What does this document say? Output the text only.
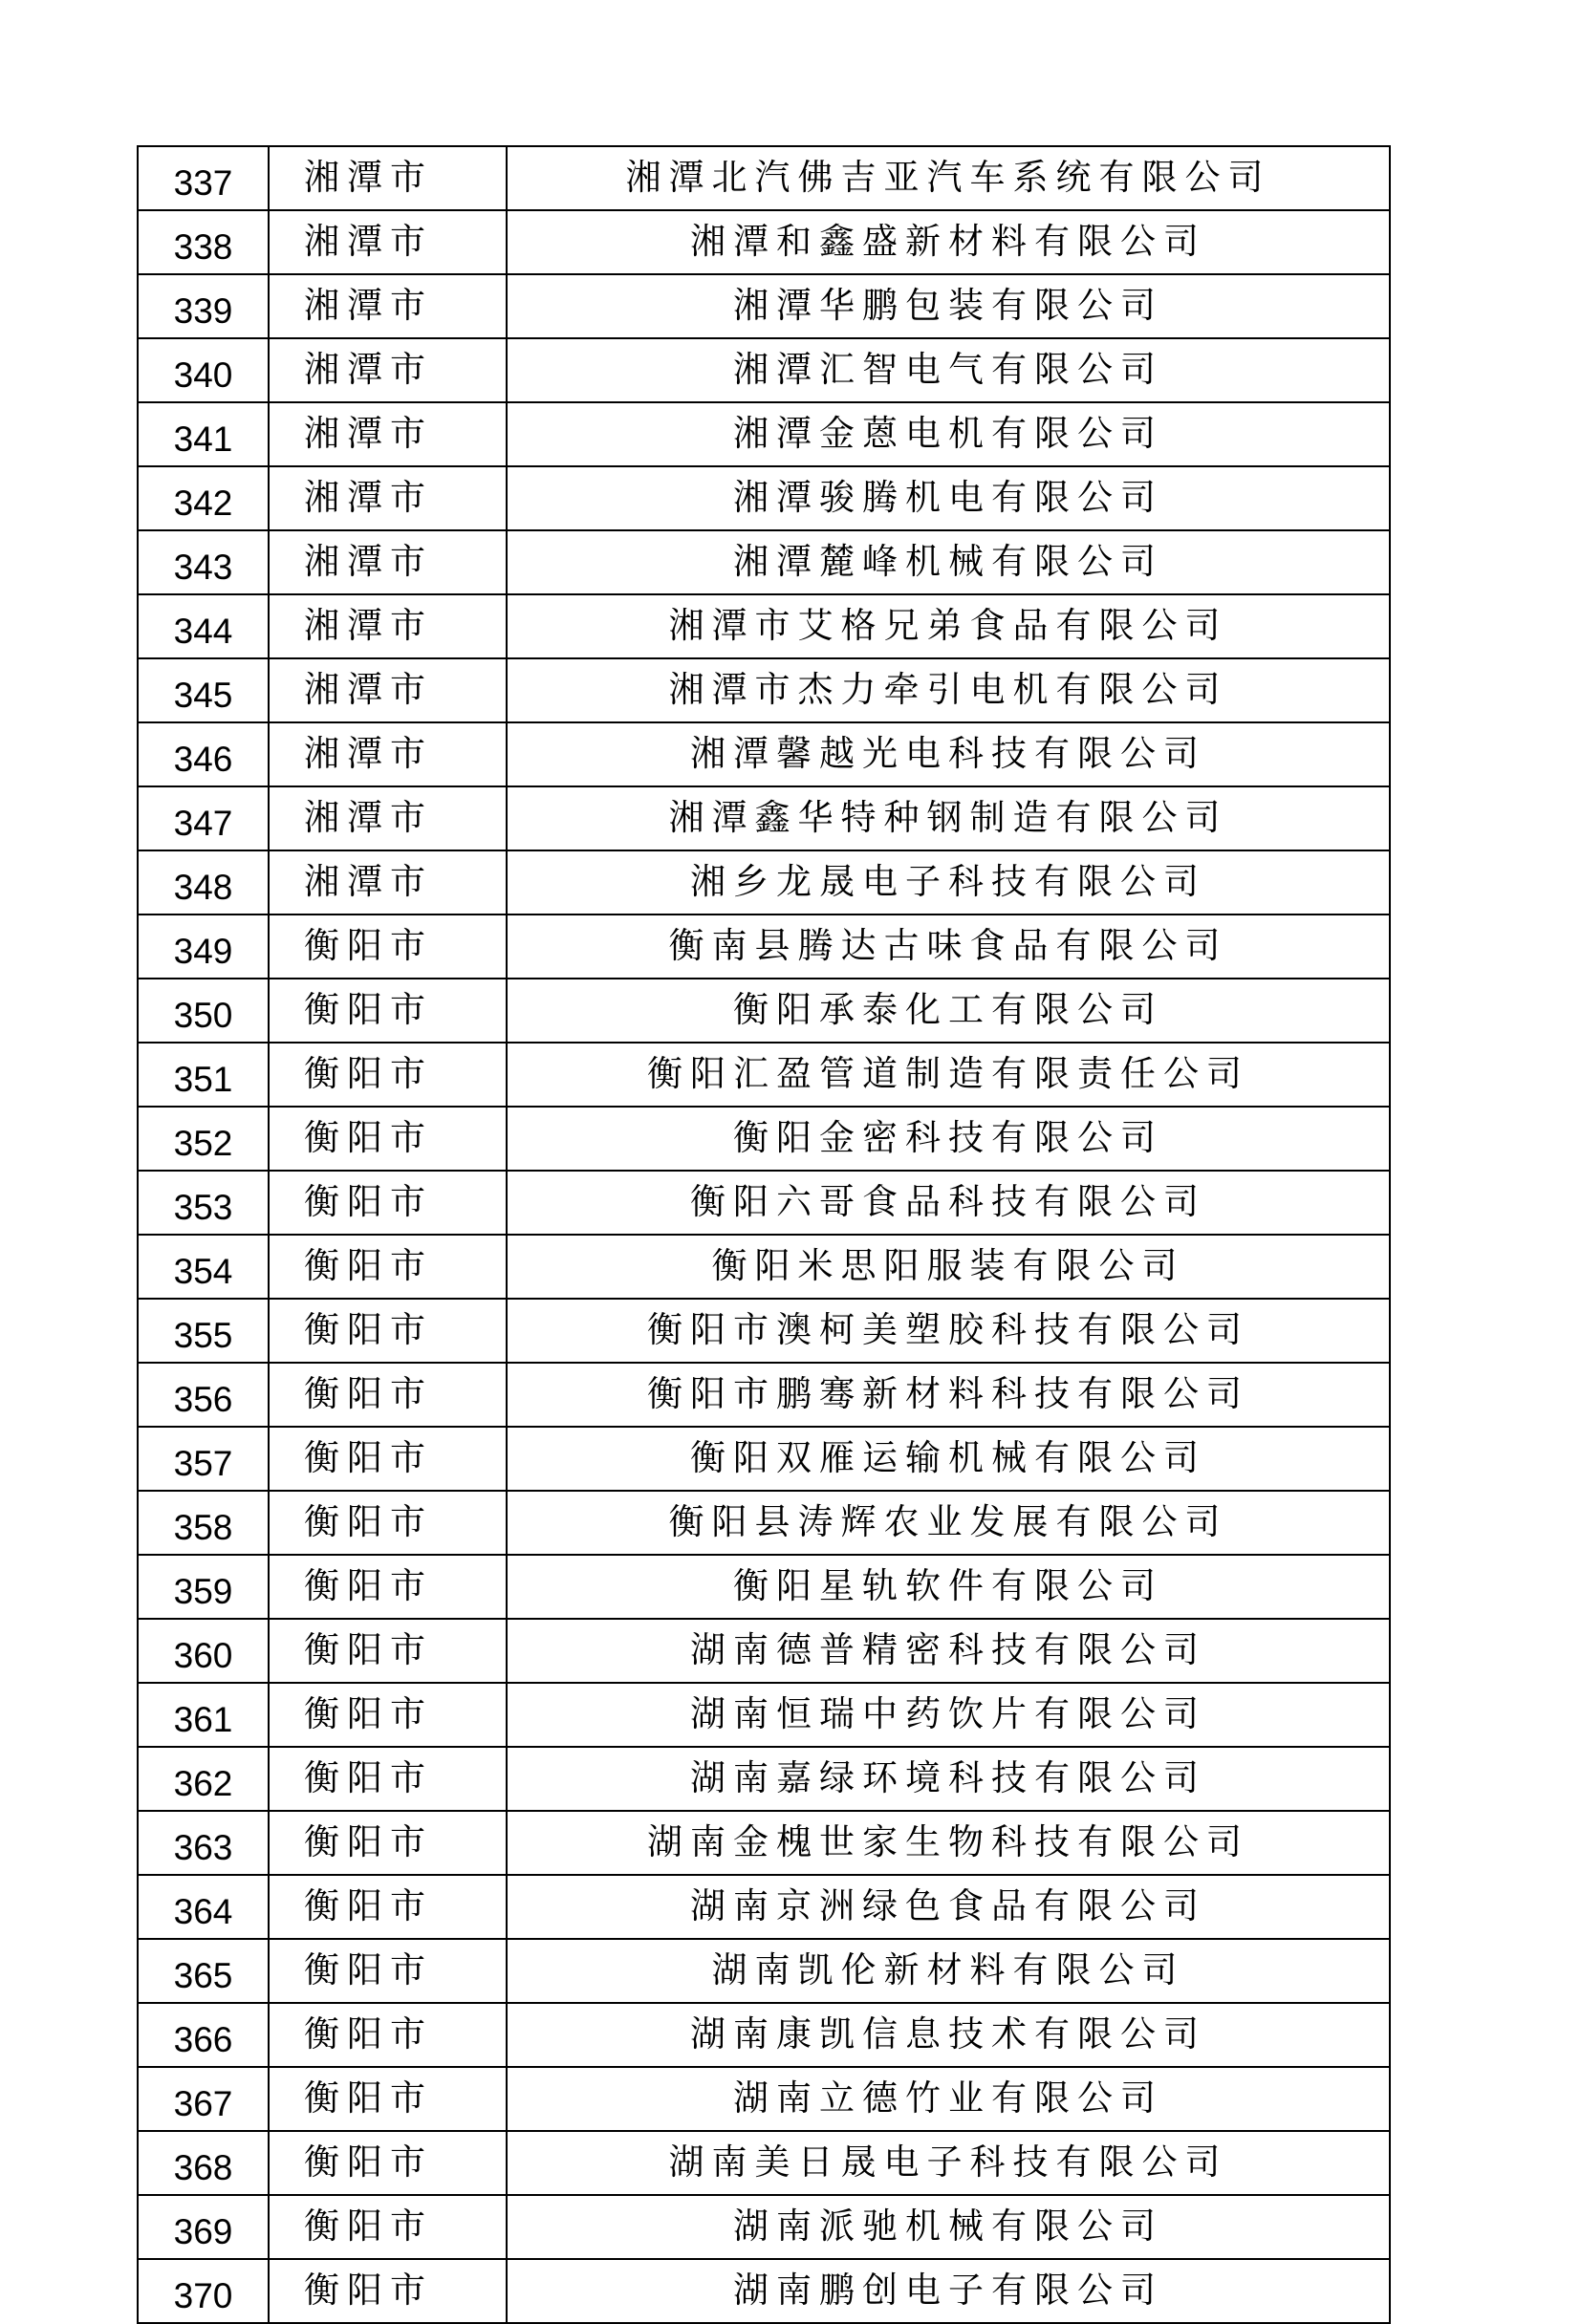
337	湘潭市	湘潭北汽佛吉亚汽车系统有限公司
338	湘潭市	湘潭和鑫盛新材料有限公司
339	湘潭市	湘潭华鹏包装有限公司
340	湘潭市	湘潭汇智电气有限公司
341	湘潭市	湘潭金蒽电机有限公司
342	湘潭市	湘潭骏腾机电有限公司
343	湘潭市	湘潭麓峰机械有限公司
344	湘潭市	湘潭市艾格兄弟食品有限公司
345	湘潭市	湘潭市杰力牵引电机有限公司
346	湘潭市	湘潭馨越光电科技有限公司
347	湘潭市	湘潭鑫华特种钢制造有限公司
348	湘潭市	湘乡龙晟电子科技有限公司
349	衡阳市	衡南县腾达古味食品有限公司
350	衡阳市	衡阳承泰化工有限公司
351	衡阳市	衡阳汇盈管道制造有限责任公司
352	衡阳市	衡阳金密科技有限公司
353	衡阳市	衡阳六哥食品科技有限公司
354	衡阳市	衡阳米思阳服装有限公司
355	衡阳市	衡阳市澳柯美塑胶科技有限公司
356	衡阳市	衡阳市鹏骞新材料科技有限公司
357	衡阳市	衡阳双雁运输机械有限公司
358	衡阳市	衡阳县涛辉农业发展有限公司
359	衡阳市	衡阳星轨软件有限公司
360	衡阳市	湖南德普精密科技有限公司
361	衡阳市	湖南恒瑞中药饮片有限公司
362	衡阳市	湖南嘉绿环境科技有限公司
363	衡阳市	湖南金槐世家生物科技有限公司
364	衡阳市	湖南京洲绿色食品有限公司
365	衡阳市	湖南凯伦新材料有限公司
366	衡阳市	湖南康凯信息技术有限公司
367	衡阳市	湖南立德竹业有限公司
368	衡阳市	湖南美日晟电子科技有限公司
369	衡阳市	湖南派驰机械有限公司
370	衡阳市	湖南鹏创电子有限公司
